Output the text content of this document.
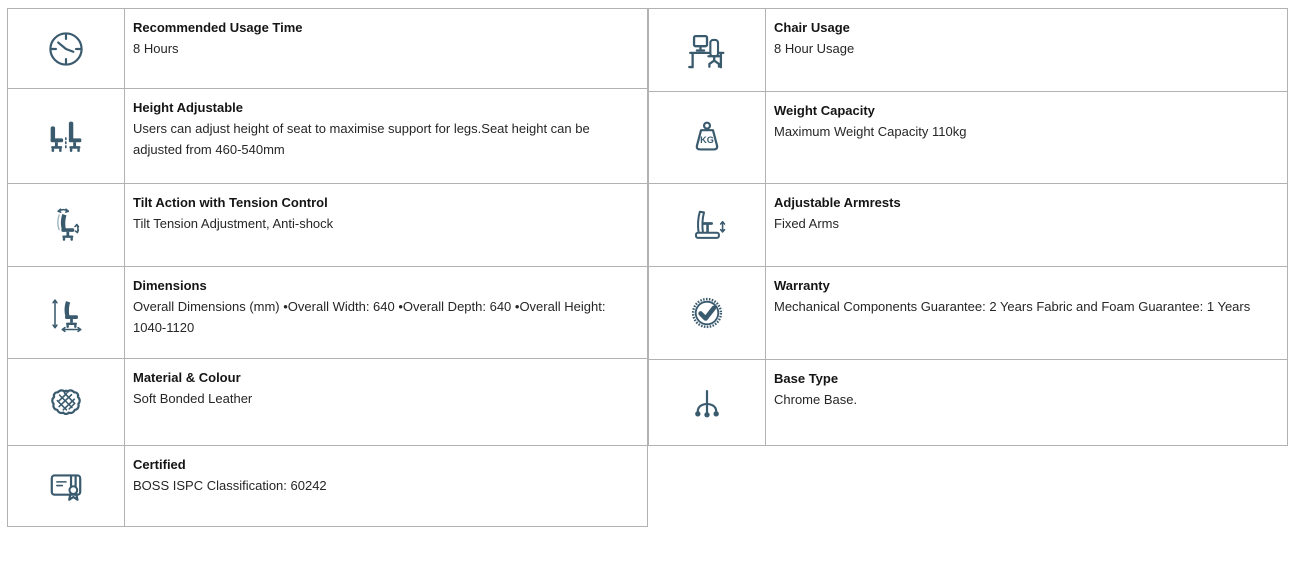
Recommended Usage Time
8 Hours

Height Adjustable
Users can adjust height of seat to maximise support for legs.Seat height can be adjusted from 460-540mm

Tilt Action with Tension Control
Tilt Tension Adjustment, Anti-shock

Dimensions
Overall Dimensions (mm) •Overall Width: 640 •Overall Depth: 640 •Overall Height: 1040-1120

Material & Colour
Soft Bonded Leather

Certified
BOSS ISPC Classification: 60242

Chair Usage
8 Hour Usage

KG	Weight Capacity
Maximum Weight Capacity 110kg

Adjustable Armrests
Fixed Arms

Warranty
Mechanical Components Guarantee: 2 Years Fabric and Foam Guarantee: 1 Years

Base Type
Chrome Base.
